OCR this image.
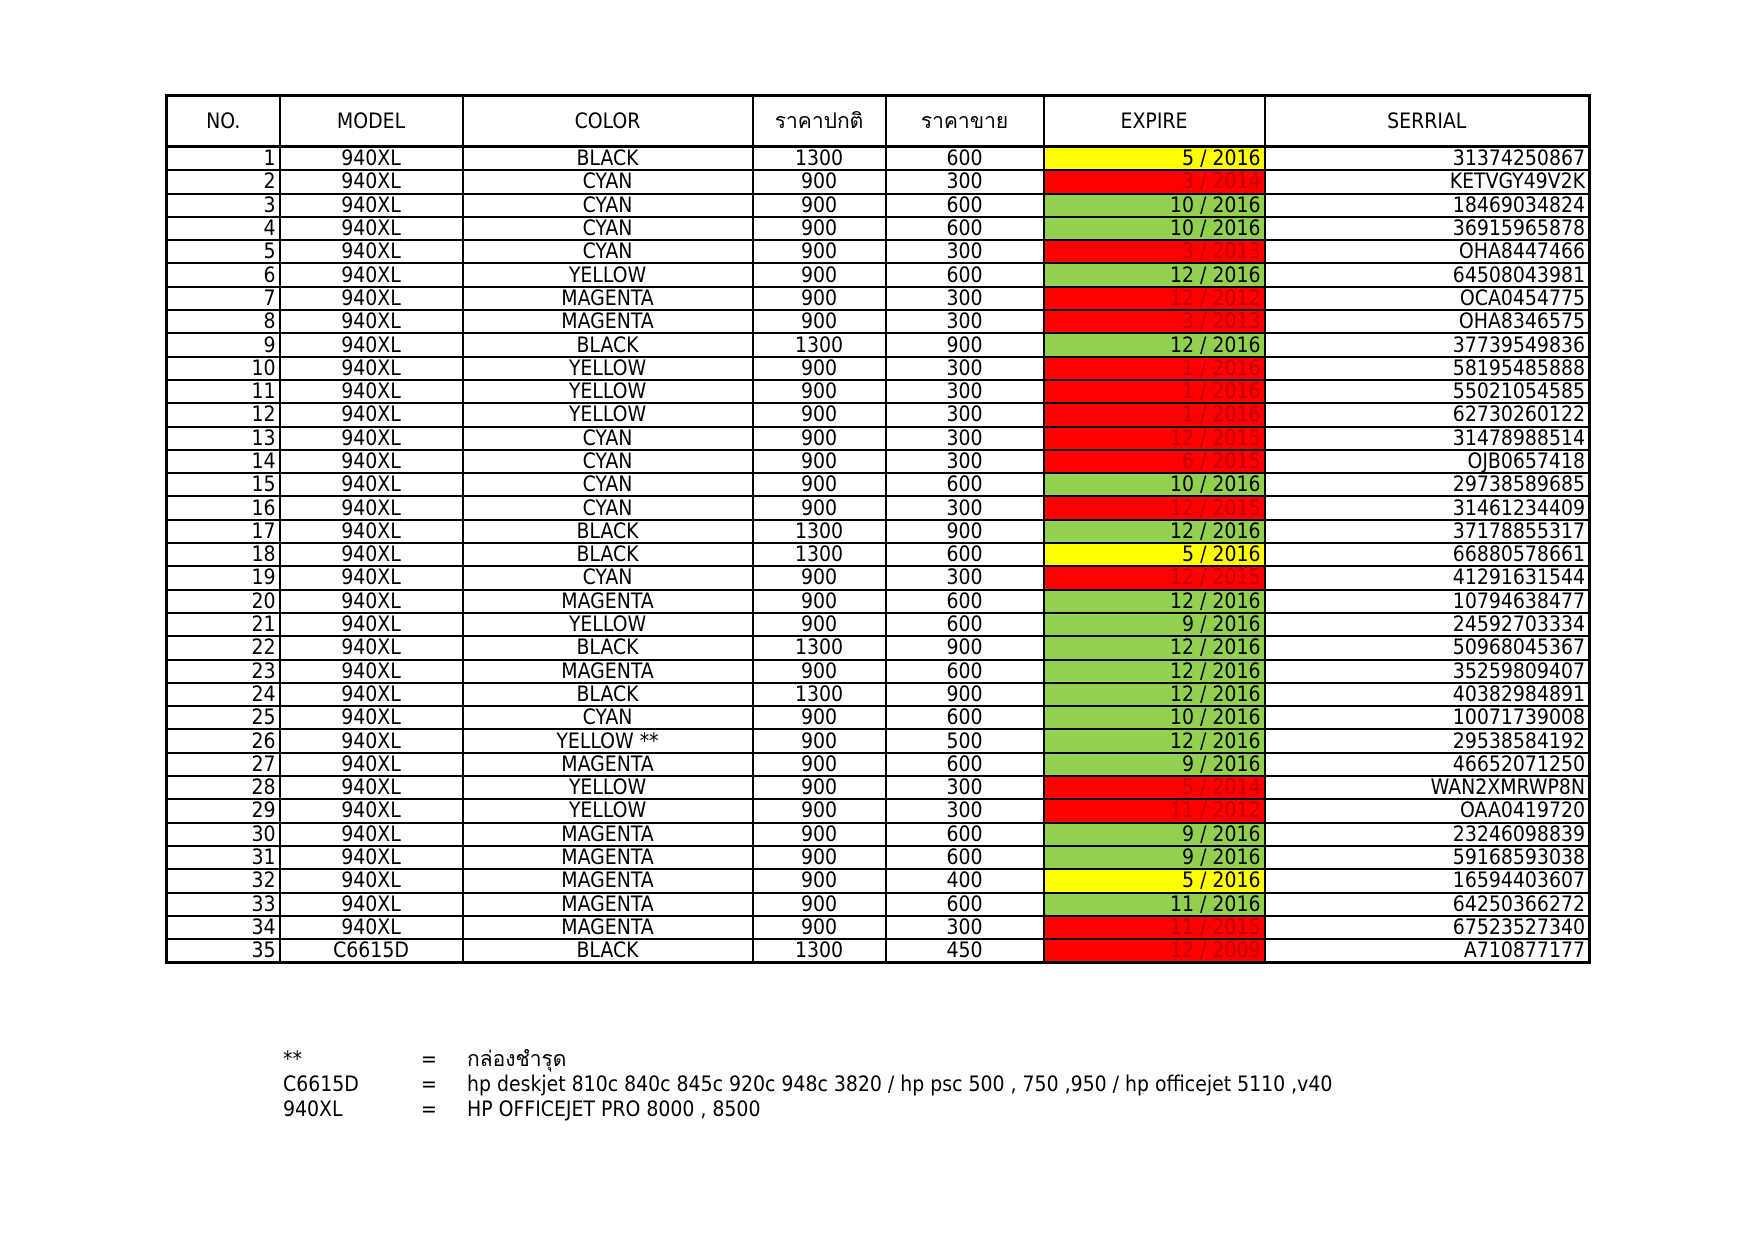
NO.	MODEL	COLOR	ราคาปกติ	ราคาขาย	EXPIRE	SERRIAL
1	940XL	BLACK	1300	600	5 / 2016	31374250867
2	940XL	CYAN	900	300	3 / 2014	KETVGY49V2K
3	940XL	CYAN	900	600	10 / 2016	18469034824
4	940XL	CYAN	900	600	10 / 2016	36915965878
5	940XL	CYAN	900	300	3 / 2013	OHA8447466
6	940XL	YELLOW	900	600	12 / 2016	64508043981
7	940XL	MAGENTA	900	300	12 / 2012	OCA0454775
8	940XL	MAGENTA	900	300	3 / 2013	OHA8346575
9	940XL	BLACK	1300	900	12 / 2016	37739549836
10	940XL	YELLOW	900	300	1 / 2016	58195485888
11	940XL	YELLOW	900	300	1 / 2016	55021054585
12	940XL	YELLOW	900	300	1 / 2016	62730260122
13	940XL	CYAN	900	300	12 / 2015	31478988514
14	940XL	CYAN	900	300	6 / 2015	OJB0657418
15	940XL	CYAN	900	600	10 / 2016	29738589685
16	940XL	CYAN	900	300	12 / 2015	31461234409
17	940XL	BLACK	1300	900	12 / 2016	37178855317
18	940XL	BLACK	1300	600	5 / 2016	66880578661
19	940XL	CYAN	900	300	12 / 2015	41291631544
20	940XL	MAGENTA	900	600	12 / 2016	10794638477
21	940XL	YELLOW	900	600	9 / 2016	24592703334
22	940XL	BLACK	1300	900	12 / 2016	50968045367
23	940XL	MAGENTA	900	600	12 / 2016	35259809407
24	940XL	BLACK	1300	900	12 / 2016	40382984891
25	940XL	CYAN	900	600	10 / 2016	10071739008
26	940XL	YELLOW **	900	500	12 / 2016	29538584192
27	940XL	MAGENTA	900	600	9 / 2016	46652071250
28	940XL	YELLOW	900	300	5 / 2014	WAN2XMRWP8N
29	940XL	YELLOW	900	300	11 / 2012	OAA0419720
30	940XL	MAGENTA	900	600	9 / 2016	23246098839
31	940XL	MAGENTA	900	600	9 / 2016	59168593038
32	940XL	MAGENTA	900	400	5 / 2016	16594403607
33	940XL	MAGENTA	900	600	11 / 2016	64250366272
34	940XL	MAGENTA	900	300	11 / 2015	67523527340
35	C6615D	BLACK	1300	450	12 / 2009	A710877177
**	=	กล่องชำรุด
C6615D	=	hp deskjet 810c 840c 845c 920c 948c 3820 / hp psc 500 , 750 ,950 / hp officejet 5110 ,v40
940XL	=	HP OFFICEJET PRO 8000 , 8500
